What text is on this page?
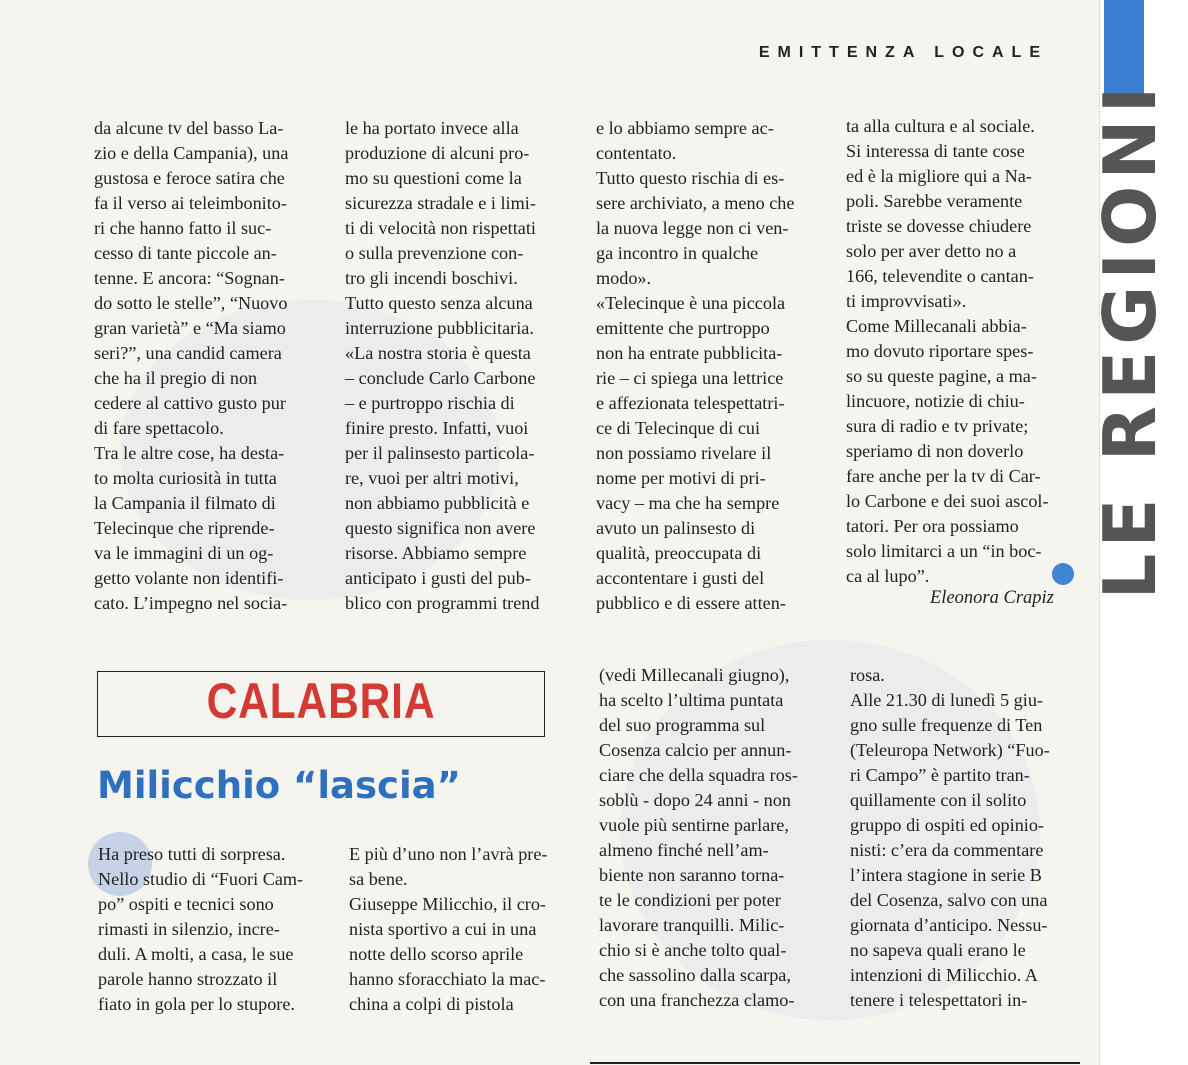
EMITTENZA LOCALE
LE REGIONI

da alcune tv del basso La-

zio e della Campania), una

gustosa e feroce satira che

fa il verso ai teleimbonito-

ri che hanno fatto il suc-

cesso di tante piccole an-

tenne. E ancora: “Sognan-

do sotto le stelle”, “Nuovo

gran varietà” e “Ma siamo

seri?”, una candid camera

che ha il pregio di non

cedere al cattivo gusto pur

di fare spettacolo.

Tra le altre cose, ha desta-

to molta curiosità in tutta

la Campania il filmato di

Telecinque che riprende-

va le immagini di un og-

getto volante non identifi-

cato. L’impegno nel socia-

le ha portato invece alla

produzione di alcuni pro-

mo su questioni come la

sicurezza stradale e i limi-

ti di velocità non rispettati

o sulla prevenzione con-

tro gli incendi boschivi.

Tutto questo senza alcuna

interruzione pubblicitaria.

«La nostra storia è questa

– conclude Carlo Carbone

– e purtroppo rischia di

finire presto. Infatti, vuoi

per il palinsesto particola-

re, vuoi per altri motivi,

non abbiamo pubblicità e

questo significa non avere

risorse. Abbiamo sempre

anticipato i gusti del pub-

blico con programmi trend

e lo abbiamo sempre ac-

contentato.

Tutto questo rischia di es-

sere archiviato, a meno che

la nuova legge non ci ven-

ga incontro in qualche

modo».

«Telecinque è una piccola

emittente che purtroppo

non ha entrate pubblicita-

rie – ci spiega una lettrice

e affezionata telespettatri-

ce di Telecinque di cui

non possiamo rivelare il

nome per motivi di pri-

vacy – ma che ha sempre

avuto un palinsesto di

qualità, preoccupata di

accontentare i gusti del

pubblico e di essere atten-

ta alla cultura e al sociale.

Si interessa di tante cose

ed è la migliore qui a Na-

poli. Sarebbe veramente

triste se dovesse chiudere

solo per aver detto no a

166, televendite o cantan-

ti improvvisati».

Come Millecanali abbia-

mo dovuto riportare spes-

so su queste pagine, a ma-

lincuore, notizie di chiu-

sura di radio e tv private;

speriamo di non doverlo

fare anche per la tv di Car-

lo Carbone e dei suoi ascol-

tatori. Per ora possiamo

solo limitarci a un “in boc-

ca al lupo”.

Eleonora Crapiz
CALABRIA
Milicchio “lascia”

Ha preso tutti di sorpresa.

Nello studio di “Fuori Cam-

po” ospiti e tecnici sono

rimasti in silenzio, incre-

duli. A molti, a casa, le sue

parole hanno strozzato il

fiato in gola per lo stupore.

E più d’uno non l’avrà pre-

sa bene.

Giuseppe Milicchio, il cro-

nista sportivo a cui in una

notte dello scorso aprile

hanno sforacchiato la mac-

china a colpi di pistola

(vedi Millecanali giugno),

ha scelto l’ultima puntata

del suo programma sul

Cosenza calcio per annun-

ciare che della squadra ros-

soblù - dopo 24 anni - non

vuole più sentirne parlare,

almeno finché nell’am-

biente non saranno torna-

te le condizioni per poter

lavorare tranquilli. Milic-

chio si è anche tolto qual-

che sassolino dalla scarpa,

con una franchezza clamo-

rosa.

Alle 21.30 di lunedì 5 giu-

gno sulle frequenze di Ten

(Teleuropa Network) “Fuo-

ri Campo” è partito tran-

quillamente con il solito

gruppo di ospiti ed opinio-

nisti: c’era da commentare

l’intera stagione in serie B

del Cosenza, salvo con una

giornata d’anticipo. Nessu-

no sapeva quali erano le

intenzioni di Milicchio. A

tenere i telespettatori in-
